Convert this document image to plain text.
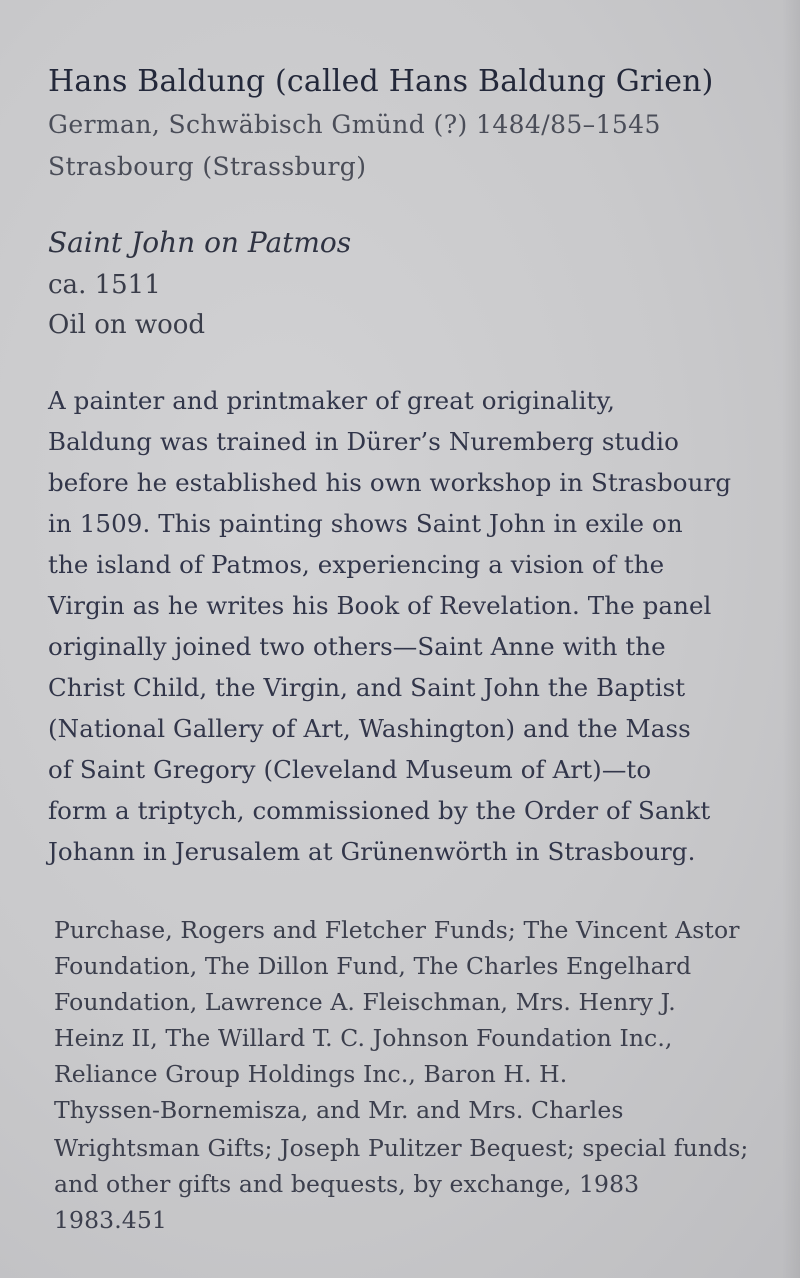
Hans Baldung (called Hans Baldung Grien)

German, Schwäbisch Gmünd (?) 1484/85–1545

Strasbourg (Strassburg)

Saint John on Patmos

ca. 1511

Oil on wood

A painter and printmaker of great originality,

Baldung was trained in Dürer’s Nuremberg studio

before he established his own workshop in Strasbourg

in 1509. This painting shows Saint John in exile on

the island of Patmos, experiencing a vision of the

Virgin as he writes his Book of Revelation. The panel

originally joined two others—Saint Anne with the

Christ Child, the Virgin, and Saint John the Baptist

(National Gallery of Art, Washington) and the Mass

of Saint Gregory (Cleveland Museum of Art)—to

form a triptych, commissioned by the Order of Sankt

Johann in Jerusalem at Grünenwörth in Strasbourg.

Purchase, Rogers and Fletcher Funds; The Vincent Astor

Foundation, The Dillon Fund, The Charles Engelhard

Foundation, Lawrence A. Fleischman, Mrs. Henry J.

Heinz II, The Willard T. C. Johnson Foundation Inc.,

Reliance Group Holdings Inc., Baron H. H.

Thyssen-Bornemisza, and Mr. and Mrs. Charles

Wrightsman Gifts; Joseph Pulitzer Bequest; special funds;

and other gifts and bequests, by exchange, 1983

1983.451
